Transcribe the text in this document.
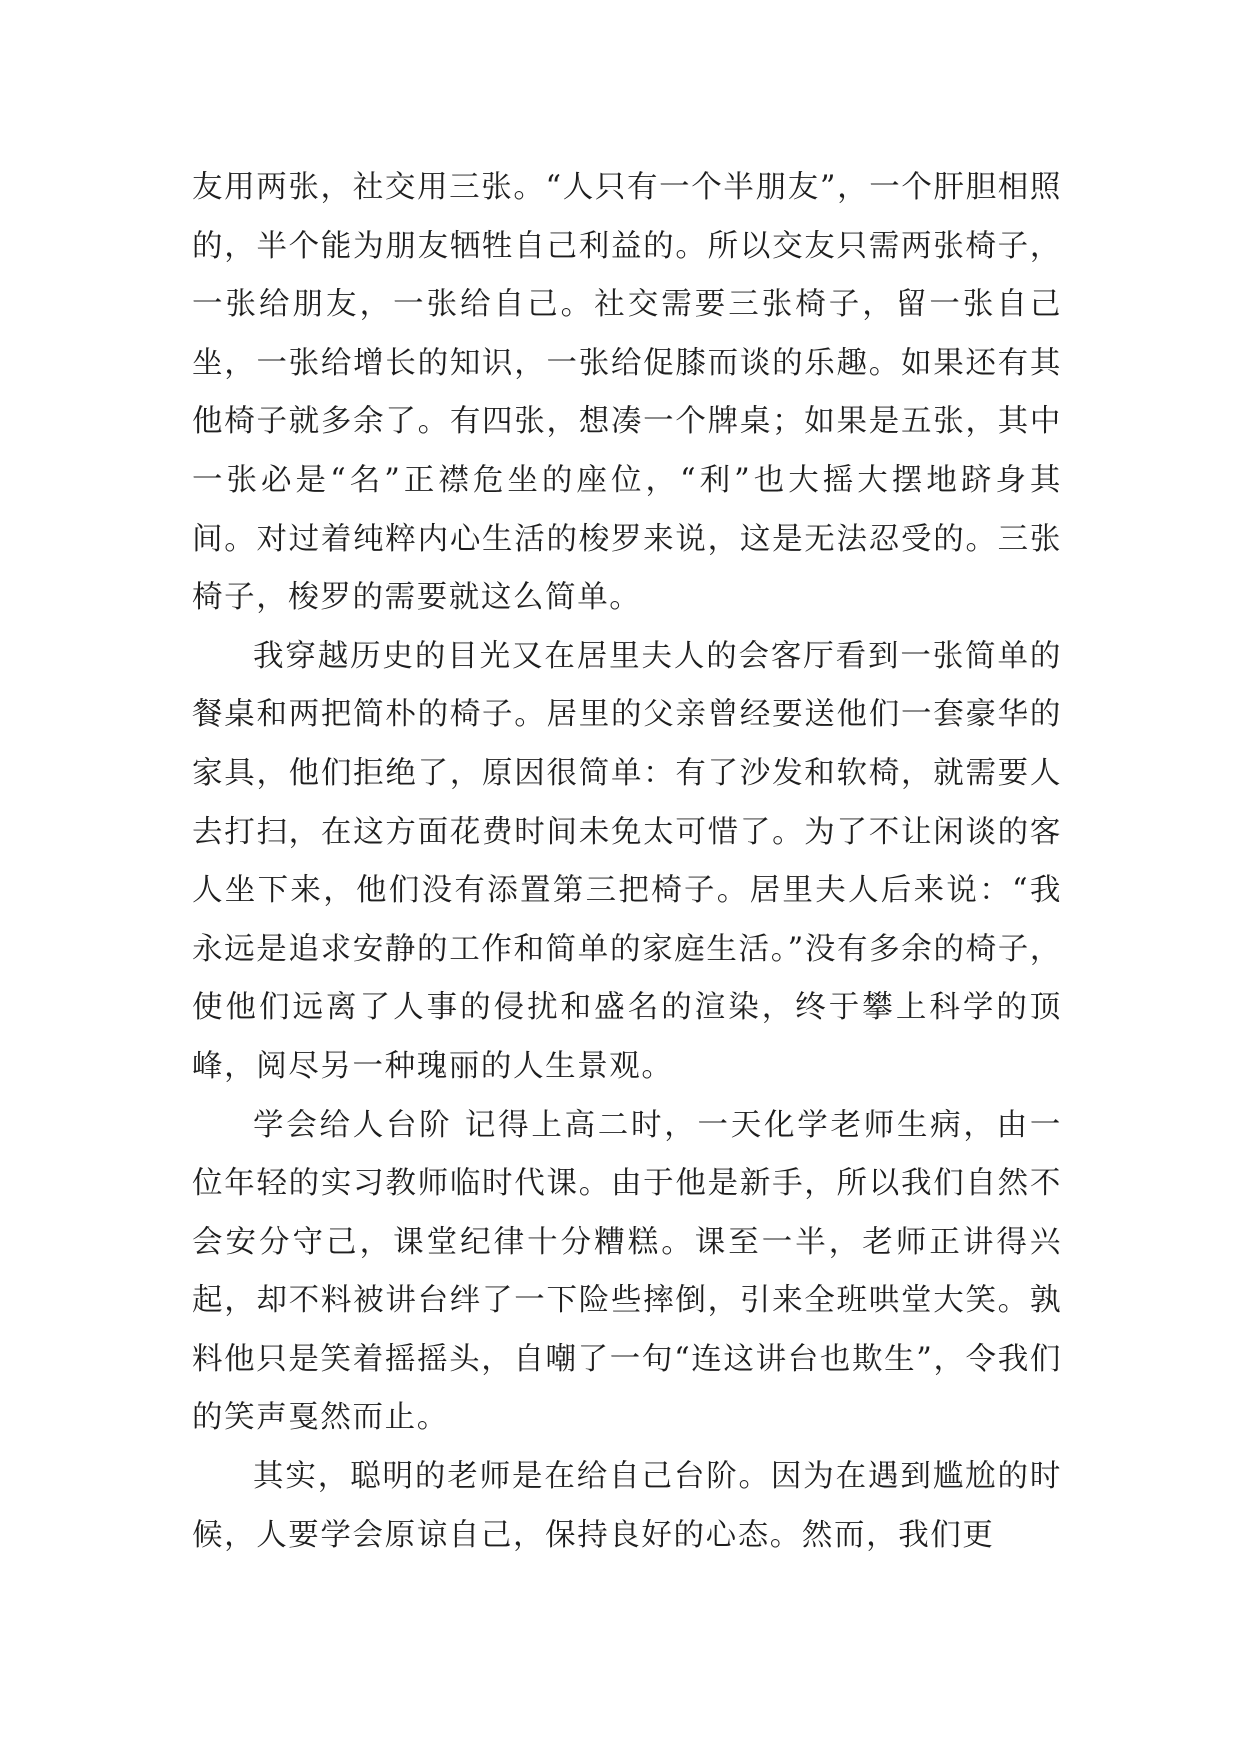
友用两张，社交用三张。“人只有一个半朋友”，一个肝胆相照的，半个能为朋友牺牲自己利益的。所以交友只需两张椅子，一张给朋友，一张给自己。社交需要三张椅子，留一张自己坐，一张给增长的知识，一张给促膝而谈的乐趣。如果还有其他椅子就多余了。有四张，想凑一个牌桌；如果是五张，其中一张必是“名”正襟危坐的座位，“利”也大摇大摆地跻身其间。对过着纯粹内心生活的梭罗来说，这是无法忍受的。三张椅子，梭罗的需要就这么简单。

我穿越历史的目光又在居里夫人的会客厅看到一张简单的餐桌和两把简朴的椅子。居里的父亲曾经要送他们一套豪华的家具，他们拒绝了，原因很简单：有了沙发和软椅，就需要人去打扫，在这方面花费时间未免太可惜了。为了不让闲谈的客人坐下来，他们没有添置第三把椅子。居里夫人后来说：“我永远是追求安静的工作和简单的家庭生活。”没有多余的椅子，使他们远离了人事的侵扰和盛名的渲染，终于攀上科学的顶峰，阅尽另一种瑰丽的人生景观。

学会给人台阶 记得上高二时，一天化学老师生病，由一位年轻的实习教师临时代课。由于他是新手，所以我们自然不会安分守己，课堂纪律十分糟糕。课至一半，老师正讲得兴起，却不料被讲台绊了一下险些摔倒，引来全班哄堂大笑。孰料他只是笑着摇摇头，自嘲了一句“连这讲台也欺生”，令我们的笑声戛然而止。

其实，聪明的老师是在给自己台阶。因为在遇到尴尬的时候，人要学会原谅自己，保持良好的心态。然而，我们更
